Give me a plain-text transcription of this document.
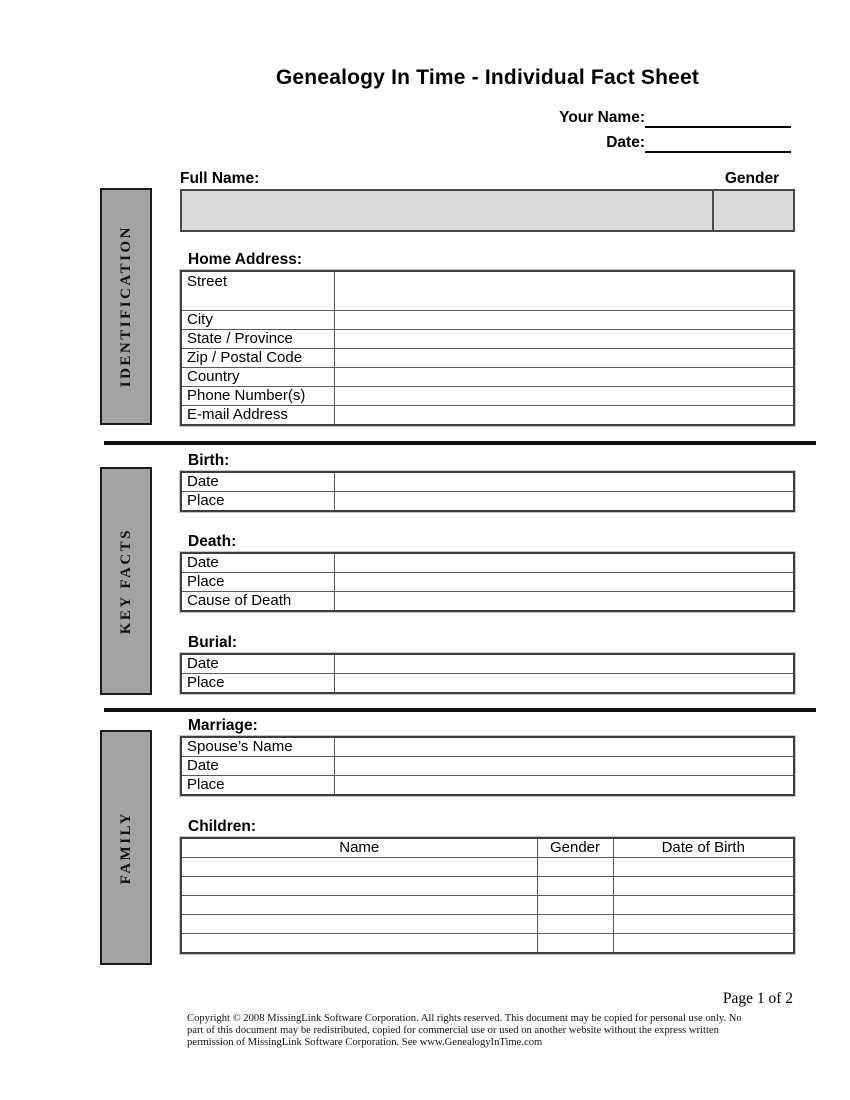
Genealogy In Time - Individual Fact Sheet
Your Name:
Date:
Full Name:	Gender
Home Address:
Street	
City	
State / Province	
Zip / Postal Code	
Country	
Phone Number(s)	
E-mail Address	
Birth:
Date	
Place	
Death:
Date	
Place	
Cause of Death	
Burial:
Date	
Place	
Marriage:
Spouse’s Name	
Date	
Place	
Children:
Name	Gender	Date of Birth

IDENTIFICATION
KEY FACTS
FAMILY
Page 1 of 2
Copyright © 2008 MissingLink Software Corporation. All rights reserved. This document may be copied for personal use only. No
part of this document may be redistributed, copied for commercial use or used on another website without the express written
permission of MissingLink Software Corporation. See www.GenealogyInTime.com
